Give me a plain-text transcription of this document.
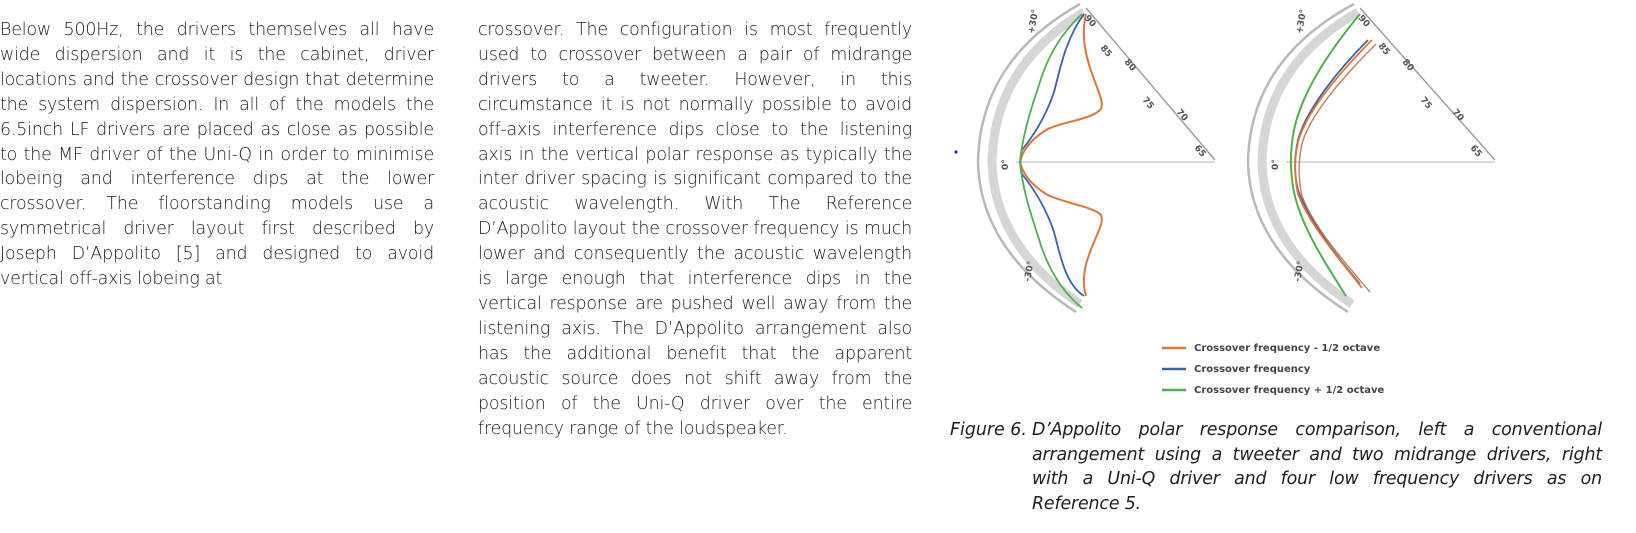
Below 500Hz, the drivers themselves all have wide dispersion and it is the cabinet, driver locations and the crossover design that determine the system dispersion. In all of the models the 6.5inch LF drivers are placed as close as possible to the MF driver of the Uni-Q in order to minimise lobeing and interference dips at the lower crossover. The floorstanding models use a symmetrical driver layout first described by Joseph D’Appolito [5] and designed to avoid vertical off-axis lobeing at

crossover. The configuration is most frequently used to crossover between a pair of midrange drivers to a tweeter. However, in this circumstance it is not normally possible to avoid off-axis interference dips close to the listening axis in the vertical polar response as typically the inter driver spacing is significant compared to the acoustic wavelength. With The Reference D’Appolito layout the crossover frequency is much lower and consequently the acoustic wavelength is large enough that interference dips in the vertical response are pushed well away from the listening axis. The D’Appolito arrangement also has the additional benefit that the apparent acoustic source does not shift away from the position of the Uni-Q driver over the entire frequency range of the loudspeaker.

+30°
0°
-30°
90
85
80
75
70
65
+30°
0°
-30°
90
85
80
75
70
65
Crossover frequency - 1/2 octave
Crossover frequency
Crossover frequency + 1/2 octave
Figure 6. D’Appolito polar response comparison, left a conventional arrangement using a tweeter and two midrange drivers, right with a Uni-Q driver and four low frequency drivers as on Reference 5.
